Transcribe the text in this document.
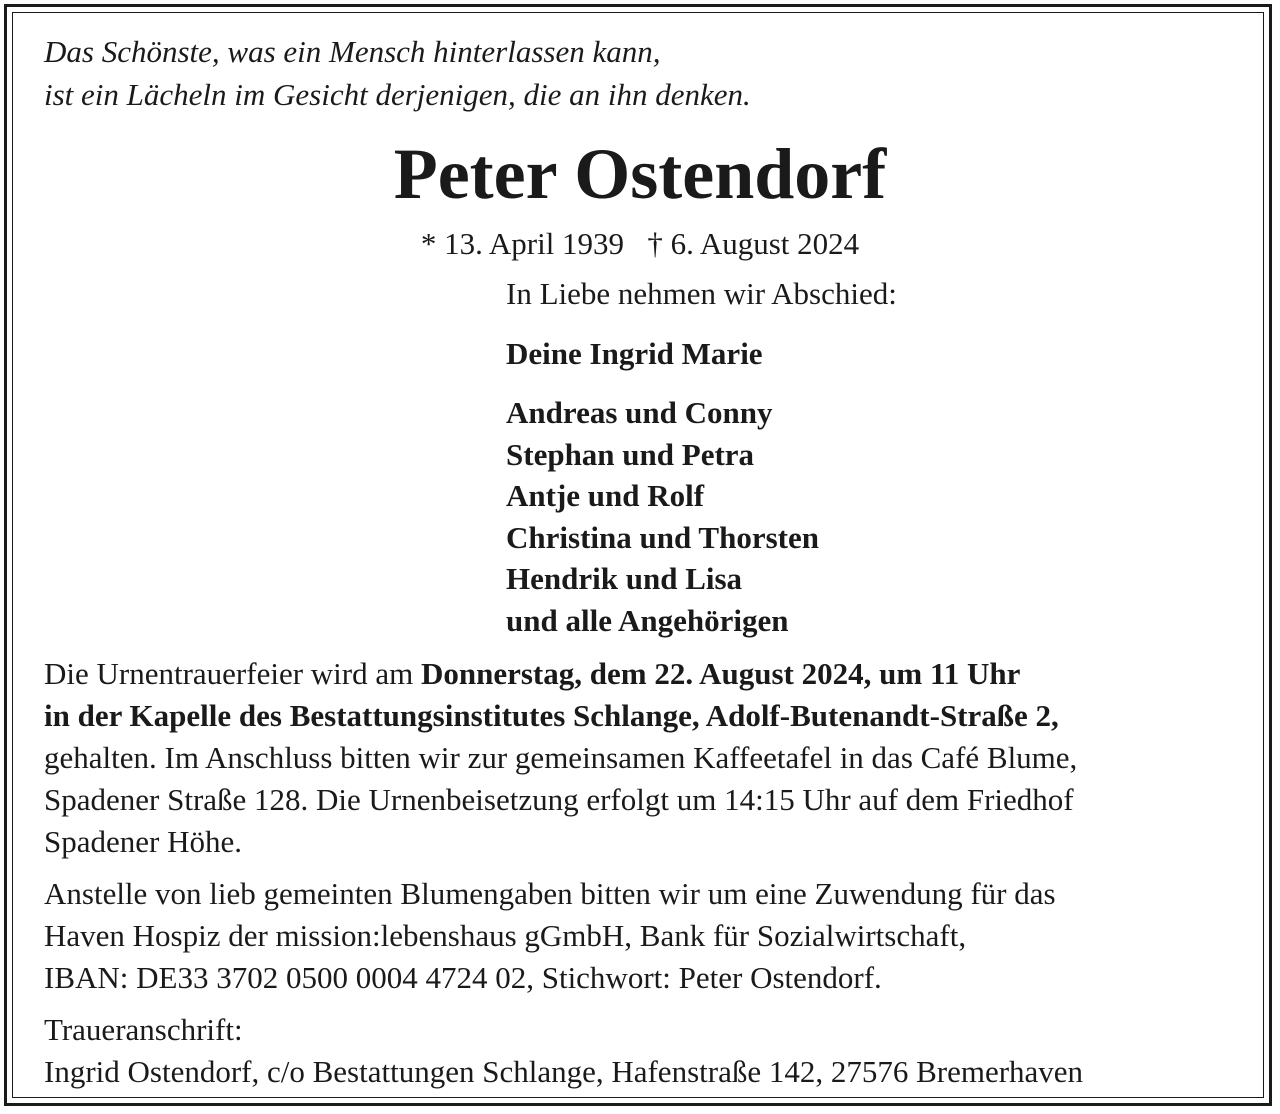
Das Schönste, was ein Mensch hinterlassen kann,

ist ein Lächeln im Gesicht derjenigen, die an ihn denken.

Peter Ostendorf
* 13. April 1939 † 6. August 2024

In Liebe nehmen wir Abschied:

Deine Ingrid Marie

Andreas und Conny
Stephan und Petra
Antje und Rolf
Christina und Thorsten
Hendrik und Lisa
und alle Angehörigen

Die Urnentrauerfeier wird am Donnerstag, dem 22. August 2024, um 11 Uhr

in der Kapelle des Bestattungsinstitutes Schlange, Adolf-Butenandt-Straße 2,

gehalten. Im Anschluss bitten wir zur gemeinsamen Kaffeetafel in das Café Blume,

Spadener Straße 128. Die Urnenbeisetzung erfolgt um 14:15 Uhr auf dem Friedhof

Spadener Höhe.

Anstelle von lieb gemeinten Blumengaben bitten wir um eine Zuwendung für das

Haven Hospiz der mission:lebenshaus gGmbH, Bank für Sozialwirtschaft,

IBAN: DE33 3702 0500 0004 4724 02, Stichwort: Peter Ostendorf.

Traueranschrift:

Ingrid Ostendorf, c/o Bestattungen Schlange, Hafenstraße 142, 27576 Bremerhaven
